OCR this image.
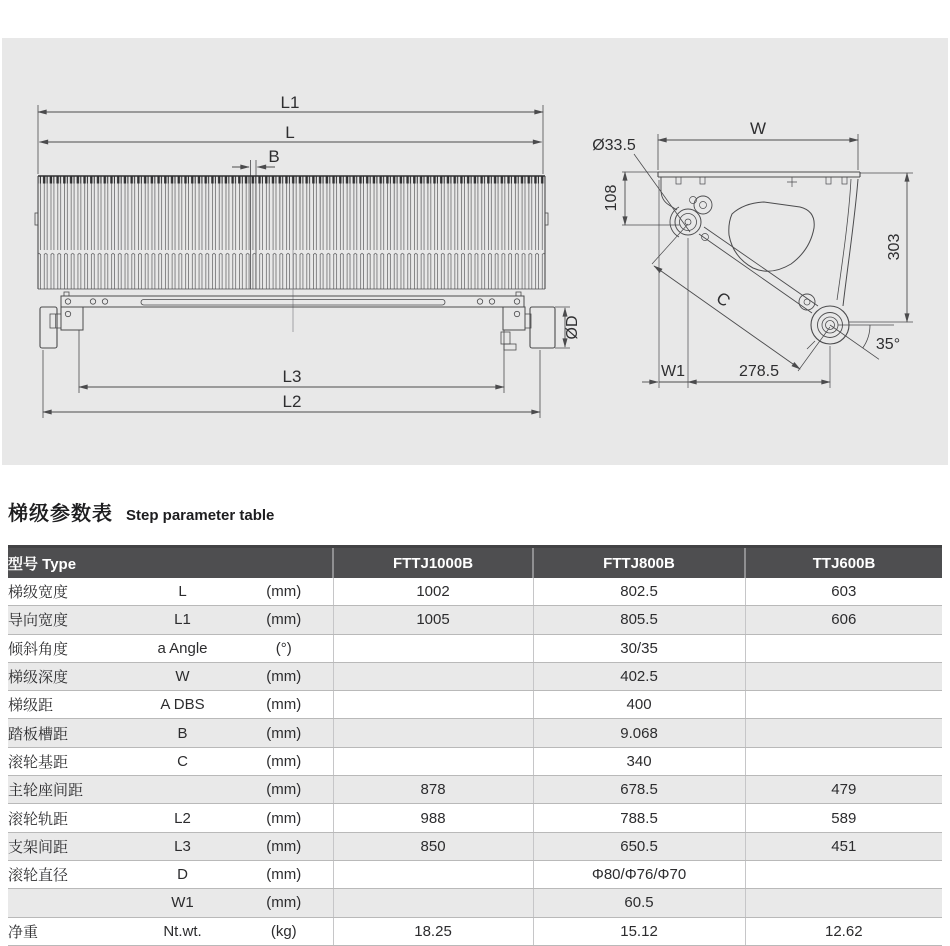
L1
L
B
ØD
L3
L2
W
Ø33.5
108
303
C
35°
W1	278.5
梯级参数表 Step parameter table
型号 Type			FTTJ1000B	FTTJ800B	TTJ600B
梯级宽度	L	(mm)	1002	802.5	603
导向宽度	L1	(mm)	1005	805.5	606
倾斜角度	a Angle	(°)		30/35	
梯级深度	W	(mm)		402.5	
梯级距	A DBS	(mm)		400	
踏板槽距	B	(mm)		9.068	
滚轮基距	C	(mm)		340	
主轮座间距		(mm)	878	678.5	479
滚轮轨距	L2	(mm)	988	788.5	589
支架间距	L3	(mm)	850	650.5	451
滚轮直径	D	(mm)		Φ80/Φ76/Φ70	
	W1	(mm)		60.5	
净重	Nt.wt.	(kg)	18.25	15.12	12.62
